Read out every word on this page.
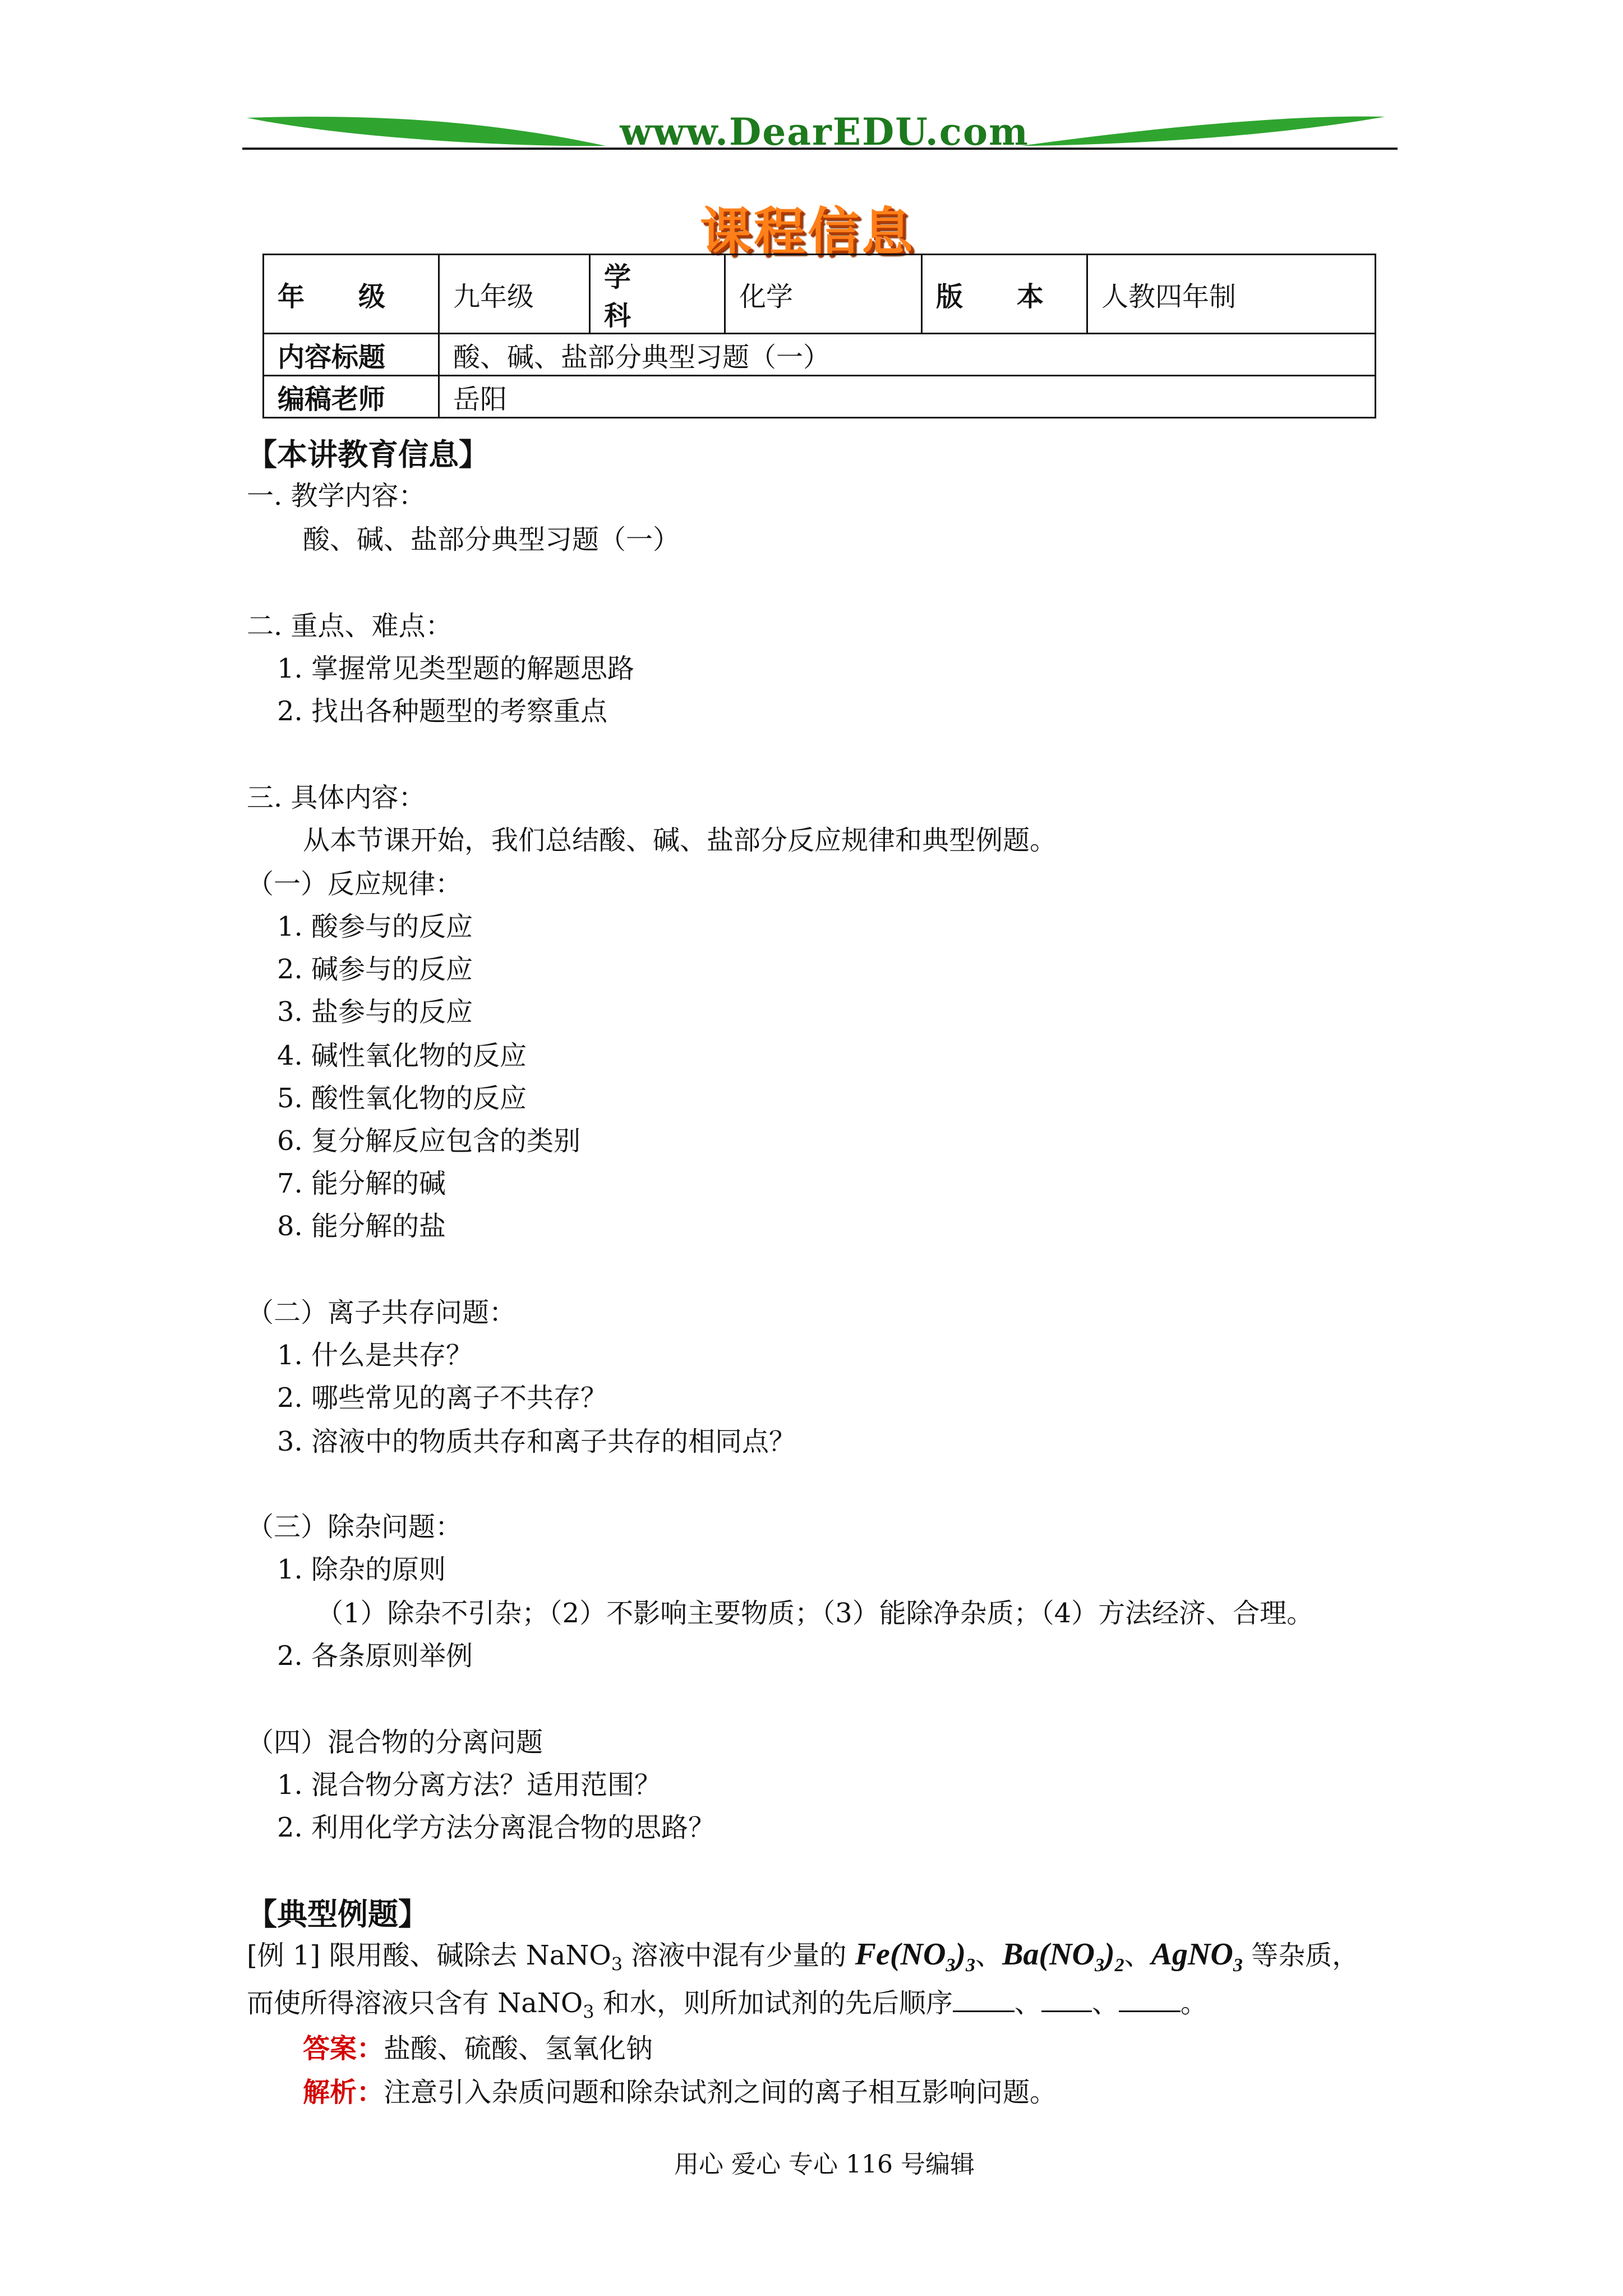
www.DearEDU.com
课程信息
年　　级	九年级	学　　科	化学	版　　本	人教四年制
内容标题	酸、碱、盐部分典型习题（一）				
编稿老师	岳阳				
【本讲教育信息】
一. 教学内容：
酸、碱、盐部分典型习题（一）
二. 重点、难点：
1. 掌握常见类型题的解题思路
2. 找出各种题型的考察重点
三. 具体内容：
从本节课开始，我们总结酸、碱、盐部分反应规律和典型例题。
（一）反应规律：
1. 酸参与的反应
2. 碱参与的反应
3. 盐参与的反应
4. 碱性氧化物的反应
5. 酸性氧化物的反应
6. 复分解反应包含的类别
7. 能分解的碱
8. 能分解的盐
（二）离子共存问题：
1. 什么是共存？
2. 哪些常见的离子不共存？
3. 溶液中的物质共存和离子共存的相同点？
（三）除杂问题：
1. 除杂的原则
（1）除杂不引杂；（2）不影响主要物质；（3）能除净杂质；（4）方法经济、合理。
2. 各条原则举例
（四）混合物的分离问题
1. 混合物分离方法？适用范围？
2. 利用化学方法分离混合物的思路？
【典型例题】
[例 1] 限用酸、碱除去 NaNO$_3$ 溶液中混有少量的 $Fe(NO_3)_3$、$Ba(NO_3)_2$、AgNO$_3$ 等杂质，
而使所得溶液只含有 NaNO$_3$ 和水，则所加试剂的先后顺序 、 、 。
答案：盐酸、硫酸、氢氧化钠
解析：注意引入杂质问题和除杂试剂之间的离子相互影响问题。
用心 爱心 专心 116 号编辑
